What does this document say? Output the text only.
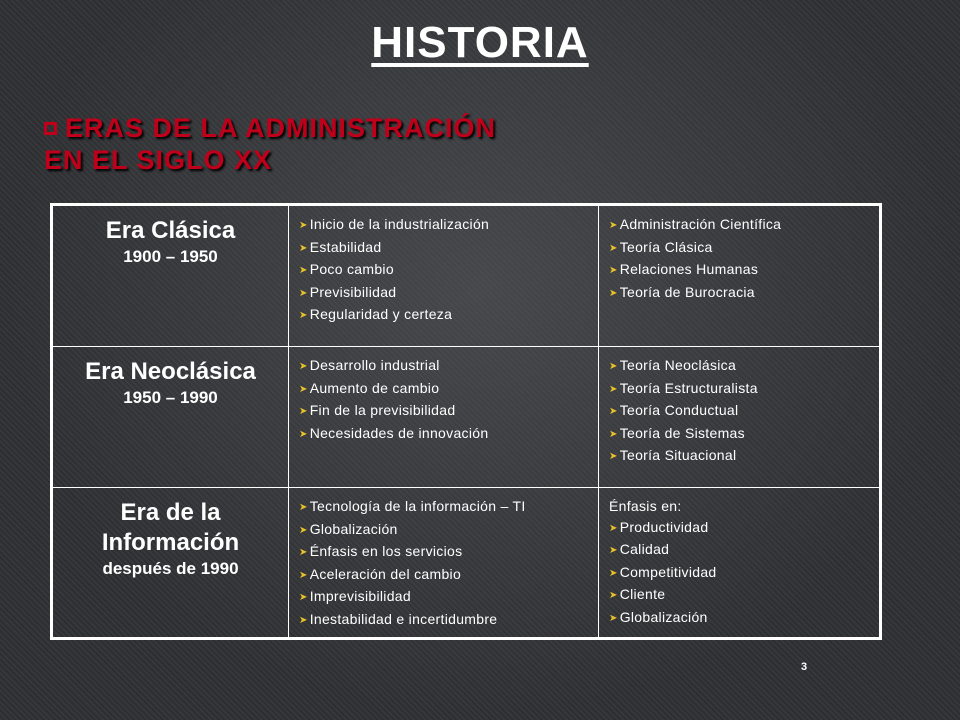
HISTORIA
ERAS DE LA ADMINISTRACIÓN
EN EL SIGLO XX
Era Clásica
1900 – 1950
➤ Inicio de la industrialización
➤ Estabilidad
➤ Poco cambio
➤ Previsibilidad
➤ Regularidad y certeza
➤ Administración Científica
➤ Teoría Clásica
➤ Relaciones Humanas
➤ Teoría de Burocracia
Era Neoclásica
1950 – 1990
➤ Desarrollo industrial
➤ Aumento de cambio
➤ Fin de la previsibilidad
➤ Necesidades de innovación
➤ Teoría Neoclásica
➤ Teoría Estructuralista
➤ Teoría Conductual
➤ Teoría de Sistemas
➤ Teoría Situacional
Era de la Información
después de 1990
➤ Tecnología de la información – TI
➤ Globalización
➤ Énfasis en los servicios
➤ Aceleración del cambio
➤ Imprevisibilidad
➤ Inestabilidad e incertidumbre
Énfasis en:
➤ Productividad
➤ Calidad
➤ Competitividad
➤ Cliente
➤ Globalización
3
